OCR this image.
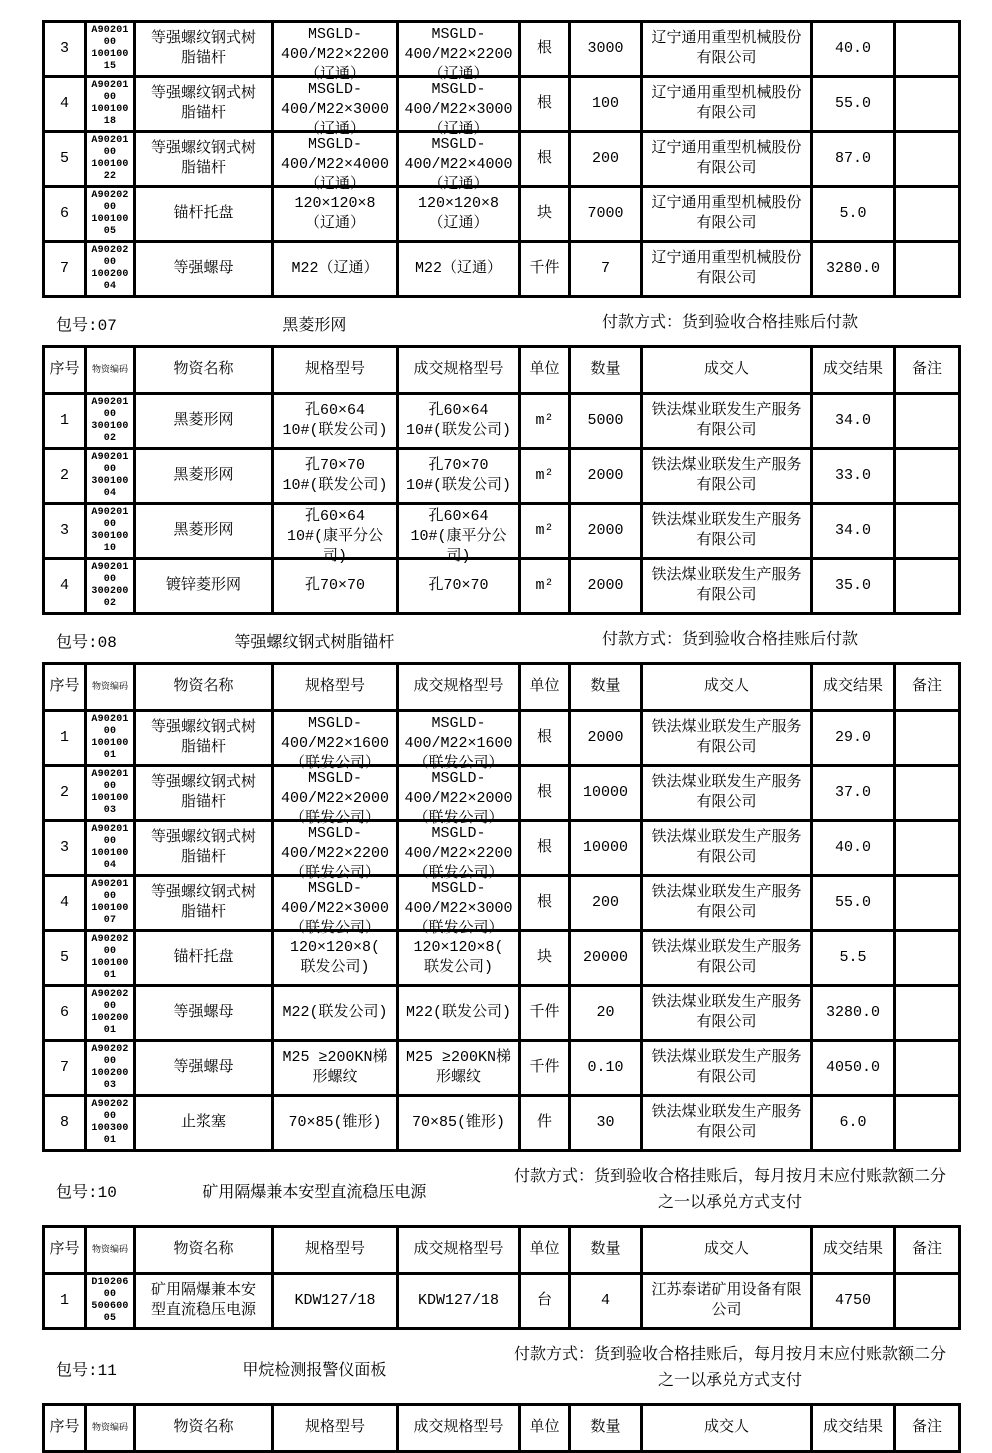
3	A9020100
10010015	等强螺纹钢式树
脂锚杆	MSGLD-
400/M22×2200
（辽通）	MSGLD-
400/M22×2200
（辽通）	根	3000	辽宁通用重型机械股份
有限公司	40.0	

4	A9020100
10010018	等强螺纹钢式树
脂锚杆	MSGLD-
400/M22×3000
（辽通）	MSGLD-
400/M22×3000
（辽通）	根	100	辽宁通用重型机械股份
有限公司	55.0	

5	A9020100
10010022	等强螺纹钢式树
脂锚杆	MSGLD-
400/M22×4000
（辽通）	MSGLD-
400/M22×4000
（辽通）	根	200	辽宁通用重型机械股份
有限公司	87.0	

6	A9020200
10010005	锚杆托盘	120×120×8
（辽通）	120×120×8
（辽通）	块	7000	辽宁通用重型机械股份
有限公司	5.0	

7	A9020200
10020004	等强螺母	M22（辽通）	M22（辽通）	千件	7	辽宁通用重型机械股份
有限公司	3280.0	

包号:07	黑菱形网	付款方式：货到验收合格挂账后付款
序号	物资编码	物资名称	规格型号	成交规格型号	单位	数量	成交人	成交结果	备注

1	A9020100
30010002	黑菱形网	孔60×64
10#(联发公司)	孔60×64
10#(联发公司)	m²	5000	铁法煤业联发生产服务
有限公司	34.0	

2	A9020100
30010004	黑菱形网	孔70×70
10#(联发公司)	孔70×70
10#(联发公司)	m²	2000	铁法煤业联发生产服务
有限公司	33.0	

3	A9020100
30010010	黑菱形网	孔60×64
10#(康平分公
司)	孔60×64
10#(康平分公
司)	m²	2000	铁法煤业联发生产服务
有限公司	34.0	

4	A9020100
30020002	镀锌菱形网	孔70×70	孔70×70	m²	2000	铁法煤业联发生产服务
有限公司	35.0	

包号:08	等强螺纹钢式树脂锚杆	付款方式：货到验收合格挂账后付款
序号	物资编码	物资名称	规格型号	成交规格型号	单位	数量	成交人	成交结果	备注

1	A9020100
10010001	等强螺纹钢式树
脂锚杆	MSGLD-
400/M22×1600
（联发公司）	MSGLD-
400/M22×1600
（联发公司）	根	2000	铁法煤业联发生产服务
有限公司	29.0	

2	A9020100
10010003	等强螺纹钢式树
脂锚杆	MSGLD-
400/M22×2000
（联发公司）	MSGLD-
400/M22×2000
（联发公司）	根	10000	铁法煤业联发生产服务
有限公司	37.0	

3	A9020100
10010004	等强螺纹钢式树
脂锚杆	MSGLD-
400/M22×2200
（联发公司）	MSGLD-
400/M22×2200
（联发公司）	根	10000	铁法煤业联发生产服务
有限公司	40.0	

4	A9020100
10010007	等强螺纹钢式树
脂锚杆	MSGLD-
400/M22×3000
（联发公司）	MSGLD-
400/M22×3000
（联发公司）	根	200	铁法煤业联发生产服务
有限公司	55.0	

5	A9020200
10010001	锚杆托盘	120×120×8(
联发公司)	120×120×8(
联发公司)	块	20000	铁法煤业联发生产服务
有限公司	5.5	

6	A9020200
10020001	等强螺母	M22(联发公司)	M22(联发公司)	千件	20	铁法煤业联发生产服务
有限公司	3280.0	

7	A9020200
10020003	等强螺母	M25 ≥200KN梯
形螺纹	M25 ≥200KN梯
形螺纹	千件	0.10	铁法煤业联发生产服务
有限公司	4050.0	

8	A9020200
10030001	止浆塞	70×85(锥形)	70×85(锥形)	件	30	铁法煤业联发生产服务
有限公司	6.0	

包号:10	矿用隔爆兼本安型直流稳压电源
付款方式：货到验收合格挂账后，每月按月末应付账款额二分之一以承兑方式支付
序号	物资编码	物资名称	规格型号	成交规格型号	单位	数量	成交人	成交结果	备注

1	D1020600
50060005	矿用隔爆兼本安
型直流稳压电源	KDW127/18	KDW127/18	台	4	江苏泰诺矿用设备有限
公司	4750	

包号:11	甲烷检测报警仪面板
付款方式：货到验收合格挂账后，每月按月末应付账款额二分之一以承兑方式支付
序号	物资编码	物资名称	规格型号	成交规格型号	单位	数量	成交人	成交结果	备注
